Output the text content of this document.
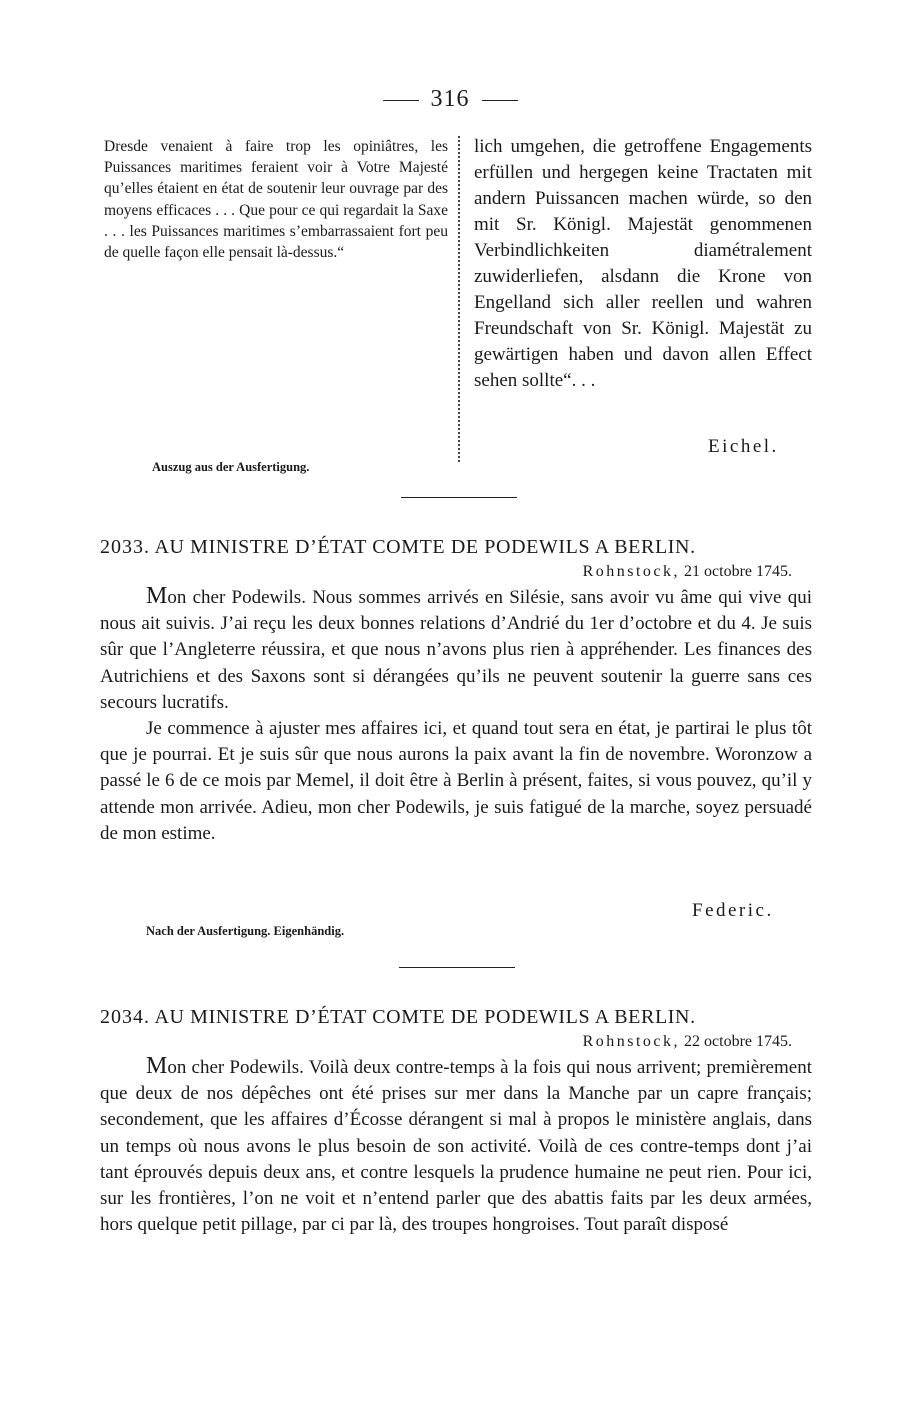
316

Dresde venaient à faire trop les opiniâtres, les Puissances maritimes feraient voir à Votre Majesté qu’elles étaient en état de soutenir leur ouvrage par des moyens efficaces . . . Que pour ce qui regardait la Saxe . . . les Puissances maritimes s’embarrassaient fort peu de quelle façon elle pensait là-dessus.“

lich umgehen, die getroffene Engagements erfüllen und hergegen keine Tractaten mit andern Puissancen machen würde, so den mit Sr. Königl. Majestät genommenen Verbindlichkeiten diamétralement zuwiderliefen, alsdann die Krone von Engelland sich aller reellen und wahren Freundschaft von Sr. Königl. Majestät zu gewärtigen haben und davon allen Effect sehen sollte“. . .

Eichel.
Auszug aus der Ausfertigung.
2033. AU MINISTRE D’ÉTAT COMTE DE PODEWILS A BERLIN.
Rohnstock, 21 octobre 1745.

Mon cher Podewils. Nous sommes arrivés en Silésie, sans avoir vu âme qui vive qui nous ait suivis. J’ai reçu les deux bonnes relations d’Andrié du 1er d’octobre et du 4. Je suis sûr que l’Angleterre réussira, et que nous n’avons plus rien à appréhender. Les finances des Autrichiens et des Saxons sont si dérangées qu’ils ne peuvent soutenir la guerre sans ces secours lucratifs.

Je commence à ajuster mes affaires ici, et quand tout sera en état, je partirai le plus tôt que je pourrai. Et je suis sûr que nous aurons la paix avant la fin de novembre. Woronzow a passé le 6 de ce mois par Memel, il doit être à Berlin à présent, faites, si vous pouvez, qu’il y attende mon arrivée. Adieu, mon cher Podewils, je suis fatigué de la marche, soyez persuadé de mon estime.

Federic.
Nach der Ausfertigung. Eigenhändig.
2034. AU MINISTRE D’ÉTAT COMTE DE PODEWILS A BERLIN.
Rohnstock, 22 octobre 1745.

Mon cher Podewils. Voilà deux contre-temps à la fois qui nous arrivent; premièrement que deux de nos dépêches ont été prises sur mer dans la Manche par un capre français; secondement, que les affaires d’Écosse dérangent si mal à propos le ministère anglais, dans un temps où nous avons le plus besoin de son activité. Voilà de ces contre-temps dont j’ai tant éprouvés depuis deux ans, et contre lesquels la prudence humaine ne peut rien. Pour ici, sur les frontières, l’on ne voit et n’entend parler que des abattis faits par les deux armées, hors quelque petit pillage, par ci par là, des troupes hongroises. Tout paraît disposé
